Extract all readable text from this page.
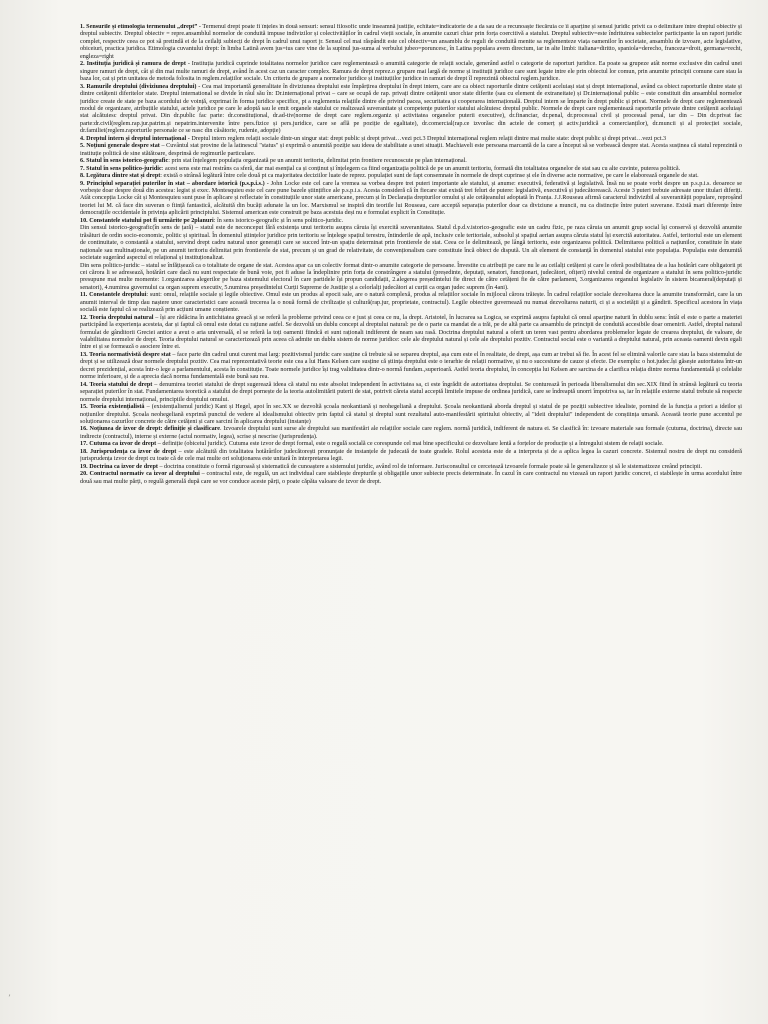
1. Sensurile și etimologia termenului „drept” - Termenul drept poate fi înțeles în două sensuri: sensul filosofic unde înseamnă justiție, echitate=indicatorie de a da sau de a recunoaște fiecăruia ce îi aparține și sensul juridic privit ca o delimitare între dreptul obiectiv și dreptul subiectiv. Dreptul obiectiv = repre.ansamblul normelor de conduită impuse indivizilor și colectivităților în cadrul vieții sociale, în anumite cazuri chiar prin forța coercitivă a statului. Dreptul subiectiv=este îndrituirea subiectelor participante la un raport juridic complet, respectiv ceea ce pot să pretindă ei de la ceilalți subiecți de drept în cadrul unui raport jr. Sensul cel mai răspândit este cel obiectiv=un ansamblu de reguli de conduită menite sa reglementeze viața oamenilor în societate, ansamblu de izvoare, acte legislative, obiceiuri, practica juridica. Etimologia cuvantului drept: în limba Latină avem jus=ius care vine de la supinul jus-suma al verbului jubeo=poruncesc, în Latina populara avem directum, iar in alte limbi: italiana=diritto, spaniola=derecho, franceza=droit, germana=recht, engleza=right

2. Instituția juridică și ramura de drept - Instituția juridică cuprinde totalitatea normelor juridice care reglementează o anumită categorie de relații sociale, generând astfel o categorie de raporturi juridice. Ea poate sa grupeze atât norme exclusive din cadrul unei singure ramuri de drept, cât și din mai multe ramuri de drept, având în acest caz un caracter complex. Ramura de drept reprez.o grupare mai largă de norme și instituții juridice care sunt legate intre ele prin obiectul lor comun, prin anumite principii comune care stau la baza lor, cat și prin unitatea de metoda folosita in reglem.relațiilor sociale. Un criteriu de grupare a normelor juridice și instituțiilor juridice in ramuri de drept îl reprezintă obiectul reglem.juridice.

3. Ramurile dreptului (diviziunea dreptului) - Cea mai importantă generalitate în diviziunea dreptului este împărțirea dreptului în drept intern, care are ca obiect raporturile dintre cetățenii aceluiași stat și drept internațional, având ca obiect raporturile dintre state și dintre cetățenii diferitelor state. Dreptul international se divide în râul său în: Dr.internațional privat – care se ocupă de rap. privați dintre cetățenii unor state diferite (sau cu element de extraneitate) și Dr.internațional public – este constituit din ansamblul normelor juridice create de state pe baza acordului de voință, exprimat în forma juridice specifice, pt a reglementa relațiile dintre ele privind pacea, securitatea și cooperarea internațională. Dreptul intern se împarte în drept public și privat. Normele de drept care reglementează modul de organizare, atribuțiile statului, actele juridice pe care le adoptă sau le emit organele statului ce realizează suveranitate și competențe puterilor statului alcătuiesc dreptul public. Normele de drept care reglementează raporturile private dintre cetățenii aceluiași stat alcătuiesc dreptul privat. Din dr.public fac parte: dr.constituțional, dr.ad-tiv(norme de drept care reglem.organiz și activitatea organelor puterii executive), dr.financiar, dr.penal, dr.procesual civil și procesual penal, iar din – Din dr.privat fac parte:dr.civil(reglem.rap.jur.patrim.și nepatrim.intervenite între pers.fizice și pers.juridice, care se află pe poziție de egalitate), dr.comercial(rap.ce izvorăsc din actele de comerț și activ.juridică a comercianților), dr.muncii și al protecției sociale, dr.familiei(reglem.raporturile personale ce se nasc din căsătorie, rudenie, adopție)

4. Dreptul intern și dreptul internațional - Dreptul intern reglem relații sociale dintr-un singur stat: drept public și drept privat…vezi pct.3 Dreptul internațional reglem relații dintre mai multe state: drept public și drept privat…vezi pct.3

5. Noțiuni generale despre stat – Cuvântul stat provine de la latinescul "status" și exprimă o anumită poziție sau ideea de stabilitate a unei situații. Machiaveli este persoana marcantă de la care a început să se vorbească despre stat. Acesta susținea că statul reprezintă o instituție politică de sine stătătoare, desprinsă de regimurile particulare.

6. Statul în sens istorico-geografic: prin stat înțelegem populația organizată pe un anumit teritoriu, delimitat prin frontiere recunoscute pe plan internațional.

7. Statul în sens politico-juridic: acest sens este mai restrâns ca sferă, dar mai esențial ca și conținut și înțelegem ca fiind organizația politică de pe un anumit teritoriu, formată din totalitatea organelor de stat sau cu alte cuvinte, puterea politică.

8. Legătura dintre stat și drept: există o strânsă legătură între cele două pt ca majoritatea deciziilor luate de reprez. populației sunt de fapt consemnate în normele de drept cuprinse și ele în diverse acte normative, pe care le elaborează organele de stat.

9. Principiul separației puterilor în stat – abordare istorică (p.s.p.i.s.) - John Locke este cel care la vremea sa vorbea despre trei puteri importante ale statului, și anume: executivă, federativă și legislativă. Însă nu se poate vorbi despre un p.s.p.i.s. deoarece se vorbește doar despre două din acestea: legist și exec. Montesquieu este cel care pune bazele științifice ale p.s.p.i.s. Acesta consideră că în fiecare stat există trei feluri de putere: legislativă, executivă și judecătorească. Aceste 3 puteri trebuie adresate unor titulari diferiți. Atât concepția Locke cât și Montesquieu sunt puse în aplicare și reflectate în constituțiile unor state americane, precum și în Declarația drepturilor omului și ale cetățeanului adoptată în Franța. J.J.Rouseau afirmă caracterul indivizibil al suveranității populare, reproșând teoriei lui M. că face din suveran o ființă fantastică, alcătuită din bucăți adunate la un loc. Marxismul se inspiră din teoriile lui Rouseau, care acceptă separația puterilor doar ca diviziune a muncii, nu ca distincție între puteri suverane. Există mari diferențe între democrațiile occidentale în privința aplicării principiului. Sistemul american este construit pe baza acestuia deși nu e formulat explicit în Constituție.

10. Constantele statului pot fi urmărite pe 2planuri: în sens istorico-geografic și în sens politico-juridic.

Din sensul istorico-geografic(în sens de țară) – statul este de neconceput fără existența unui teritoriu asupra căruia își exercită suveranitatea. Statul d.p.d.v.istorico-geografic este un cadru fizic, pe raza căruia un anumit grup social își conservă și dezvoltă anumite trăsături de ordin socio-economic, politic și spiritual. În domeniul științelor juridice prin teritoriu se înțelege spațiul terestru, întinderile de apă, inclusiv cele teritoriale, subsolul și spațiul aerian asupra căruia statul își exercită autoritatea. Astfel, teritoriul este un element de continuitate, o constantă a statului, servind drept cadru natural unor generații care se succed într-un spațiu determinat prin frontierele de stat. Ceea ce le delimitează, pe lângă teritoriu, este organizarea politică. Delimitarea politică a națiunilor, constituie în state naționale sau multinaționale, pe un anumit teritoriu delimitat prin frontierele de stat, precum și un grad de relativitate, de convenționalism care constituie încă obiect de dispută. Un alt element de constanță în domeniul statului este populația. Populația este denumită societate sugerând aspectul ei relațional și instituționalizat.

Din sens politico-juridic – statul se înfățișează ca o totalitate de organe de stat. Acestea apar ca un colectiv format dintr-o anumite categorie de persoane. Învestite cu atribuții pe care nu le au ceilalți cetățeni și care le oferă posibilitatea de a lua hotărâri care obligatorii pt cei cărora li se adresează, hotărâri care dacă nu sunt respectate de bună voie, pot fi aduse la îndeplinire prin forța de constrângere a statului (președinte, deputați, senatori, funcționari, judecători, ofițeri) nivelul central de organizare a statului în sens politico-juridic presupune mai multe momente: 1.organizarea alegerilor pe baza sistemului electoral în care partidele își propun candidații, 2.alegerea președintelui fie direct de către cetățeni fie de către parlament, 3.organizarea organului legislativ în sistem bicameral(deputați și senatori), 4.numirea guvernului ca organ suprem executiv, 5.numirea președintelui Curții Supreme de Justiție și a celorlalți judecători ai curții ca organ judec suprem (în 4ani).

11. Constantele dreptului: sunt: omul, relațiile sociale și legile obiective. Omul este un produs al epocii sale, are o natură complexă, produs al relațiilor sociale în mijlocul cărora trăiește. În cadrul relațiilor sociale dezvoltarea duce la anumite transformări, care la un anumit interval de timp dau naștere unor caracteristici care această trecerea la o nouă formă de civilizație și cultură(rap.jur, proprietate, contractul). Legile obiective guvernează nu numai dezvoltarea naturii, ci și a societății și a gândirii. Specificul acestora în viața socială este faptul că se realizează prin acțiuni umane conștiente.

12. Teoria dreptului natural – își are rădăcina în antichitatea greacă și se referă la probleme privind ceea ce e just și ceea ce nu, la drept. Aristotel, în lucrarea sa Logica, se exprimă asupra faptului că omul aparține naturii în dublu sens: întâi el este o parte a materiei participând la experiența acesteia, dar și faptul că omul este dotat cu rațiune astfel. Se dezvoltă un dublu concept al dreptului natural: pe de o parte ca mandat de a trăi, pe de altă parte ca ansamblu de principii de conduită accesibile doar omenirii. Astfel, dreptul natural formulat de gânditorii Greciei antice a avut o aria universală, el se referă la toți oamenii fiindcă ei sunt raționali indiferent de neam sau rasă. Doctrina dreptului natural a oferit un teren vast pentru abordarea problemelor legate de crearea dreptului, de valoare, de valabilitatea normelor de drept. Teoria dreptului natural se caracterizează prin aceea că admite un dublu sistem de norme juridice: cele ale dreptului natural și cele ale dreptului pozitiv. Contractul social este o variantă a dreptului natural, prin aceasta oamenii devin egali între ei și se formează o asociere între ei.

13. Teoria normativistă despre stat – face parte din cadrul unui curent mai larg: pozitivismul juridic care susține că trebuie să se separeu dreptul, așa cum este el în realitate, de drept, așa cum ar trebui să fie. În acest fel se elimină valorile care stau la baza sistemului de drept și se utilizează doar normele dreptului pozitiv. Cea mai reprezentativă teorie este cea a lui Hans Kelsen care susține că știința dreptului este o ierarhie de relații normative, și nu o succesiune de cauze și efecte. De exemplu: o hot.judec.își găsește autoritatea într-un decret prezidențial, acesta într-o lege a parlamentului, acesta în constituție. Toate normele juridice își trag validitatea dintr-o normă fundam.,superioară. Astfel teoria dreptului, în concepția lui Kelsen are sarcina de a clarifica relația dintre norma fundamentală și celelalte norme inferioare, și de a aprecia dacă norma fundamentală este bună sau rea.

14. Teoria statului de drept – denumirea teoriei statului de drept sugerează ideea că statul nu este absolut independent în activitatea sa, ci este îngrădit de autoritatea dreptului. Se conturează în perioada liberalismului din sec.XIX fiind în strânsă legătură cu teoria separației puterilor în stat. Fundamentarea teoretică a statului de drept pornește de la teoria autolimitării puterii de stat, potrivit căreia statul acceptă limitele impuse de ordinea juridică, care se îndreaptă unorri împotriva sa, iar în relațiile externe statul trebuie să respecte normele dreptului internațional, principiile dreptului omului.

15. Teoria existențialistă – (existențialismul juridic) Kant și Hegel, apoi în sec.XX se dezvoltă școala neokantiană și neohegeliană a dreptului. Școala neokantiană aborda dreptul și statul de pe poziții subiective idealiste, pornind de la funcția a priori a ideilor și noțiunilor dreptului. Școala neohegeliană exprimă punctul de vedere al idealismului obiectiv prin faptul că statul și dreptul sunt rezultatul auto-manifestării spiritului obiectiv, al "ideii dreptului" independent de conștiința umană. Această teorie pune accentul pe soluționarea cazurilor concrete de către cetățeni și care sarcini în aplicarea dreptului (instanțe)

16. Noțiunea de izvor de drept: definiție și clasificare. Izvoarele dreptului sunt surse ale dreptului sau manifestări ale relațiilor sociale care reglem. normă juridică, indiferent de natura ei. Se clasifică în: izvoare materiale sau formale (cutuma, doctrina), directe sau indirecte (contractul), interne și externe (actul normativ, legea), scrise și nescrise (jurisprudența).

17. Cutuma ca izvor de drept – definiție (obiceiul juridic). Cutuma este izvor de drept formal, este o regulă socială ce corespunde cel mai bine specificului ce dezvoltare lentă a forțelor de producție și a întregului sistem de relații sociale.

18. Jurisprudența ca izvor de drept – este alcătuită din totalitatea hotărârilor judecătorești pronunțate de instanțele de judecată de toate gradele. Rolul acesteia este de a interpreta și de a aplica legea la cazuri concrete. Sistemul nostru de drept nu consideră jurisprudența izvor de drept cu toate că de cele mai multe ori soluționarea este unitară în interpretarea legii.

19. Doctrina ca izvor de drept – doctrina constituie o formă riguroasă și sistematică de cunoaștere a sistemului juridic, având rol de informare. Jurisconsultul ce cercetează izvoarele formale poate să le generalizeze și să le sistematizeze creând principii.

20. Contractul normativ ca izvor al dreptului – contractul este, de regulă, un act individual care stabilește drepturile și obligațiile unor subiecte precis determinate. În cazul în care contractul nu vizează un raport juridic concret, ci stabilește în urma acordului între două sau mai multe părți, o regulă generală după care se vor conduce aceste părți, o poate căpăta valoare de izvor de drept.

ʼ
